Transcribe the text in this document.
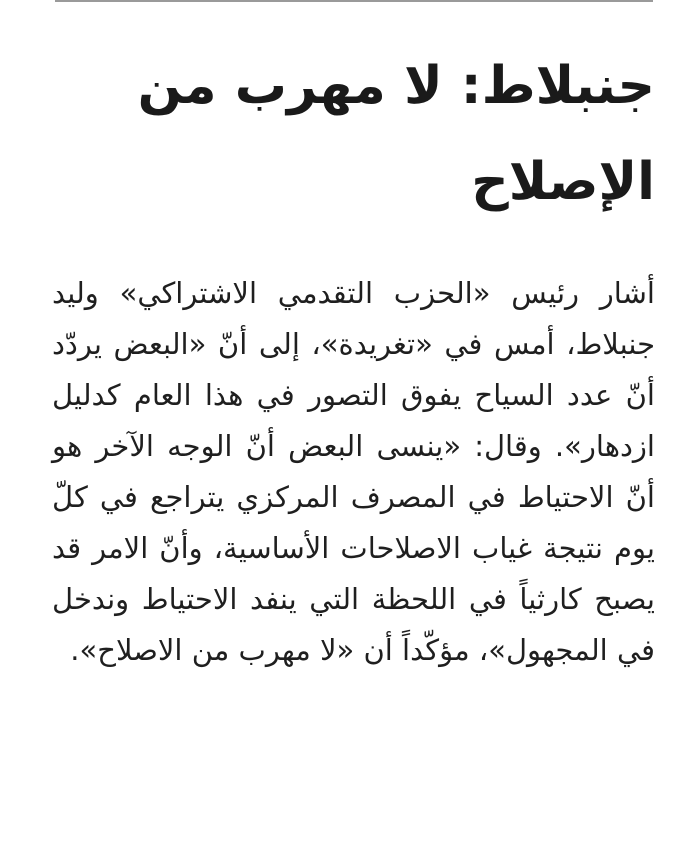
جنبلاط: لا مهرب من الإصلاح

أشار رئيس «الحزب التقدمي الاشتراكي» وليد جنبلاط، أمس في «تغريدة»، إلى أنّ «البعض يردّد أنّ عدد السياح يفوق التصور في هذا العام كدليل ازدهار». وقال: «ينسى البعض أنّ الوجه الآخر هو أنّ الاحتياط في المصرف المركزي يتراجع في كلّ يوم نتيجة غياب الاصلاحات الأساسية، وأنّ الامر قد يصبح كارثياً في اللحظة التي ينفد الاحتياط وندخل في المجهول»، مؤكّداً أن «لا مهرب من الاصلاح».
